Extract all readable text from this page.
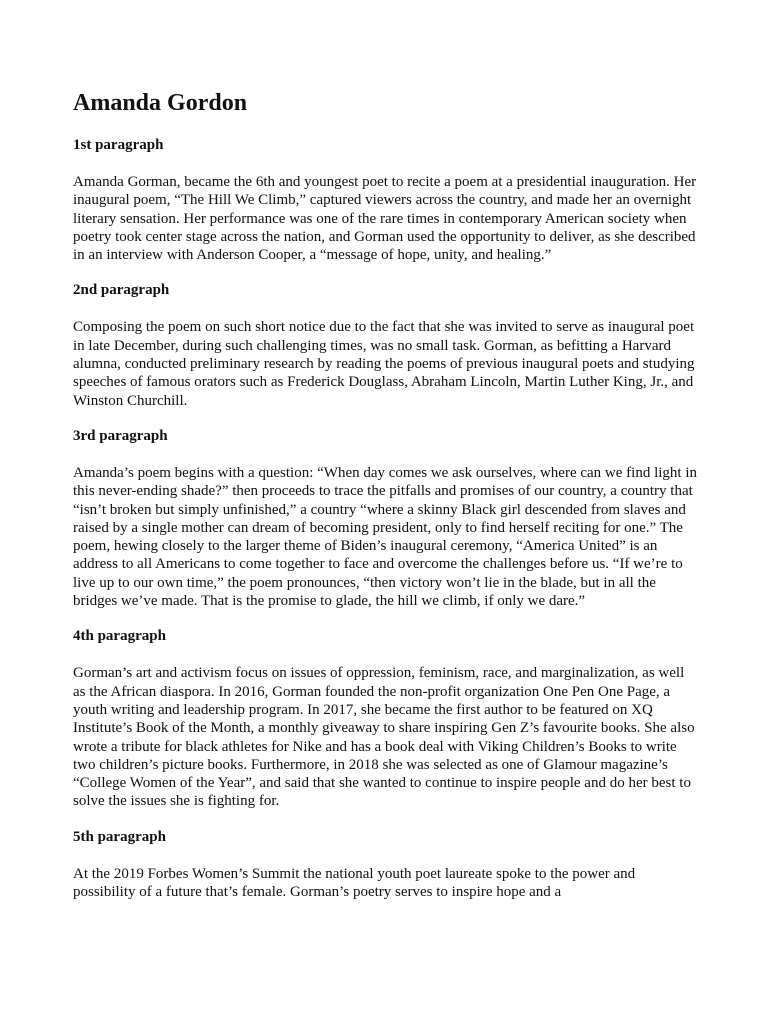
Amanda Gordon
1st paragraph
Amanda Gorman, became the 6th and youngest poet to recite a poem at a presidential inauguration. Her inaugural poem, “The Hill We Climb,” captured viewers across the country, and made her an overnight literary sensation. Her performance was one of the rare times in contemporary American society when poetry took center stage across the nation, and Gorman used the opportunity to deliver, as she described in an interview with Anderson Cooper, a “message of hope, unity, and healing.”
2nd paragraph
Composing the poem on such short notice due to the fact that she was invited to serve as inaugural poet in late December, during such challenging times, was no small task. Gorman, as befitting a Harvard alumna, conducted preliminary research by reading the poems of previous inaugural poets and studying speeches of famous orators such as Frederick Douglass, Abraham Lincoln, Martin Luther King, Jr., and Winston Churchill.
3rd paragraph
Amanda’s poem begins with a question: “When day comes we ask ourselves, where can we find light in this never-ending shade?” then proceeds to trace the pitfalls and promises of our country, a country that “isn’t broken but simply unfinished,” a country “where a skinny Black girl descended from slaves and raised by a single mother can dream of becoming president, only to find herself reciting for one.” The poem, hewing closely to the larger theme of Biden’s inaugural ceremony, “America United” is an address to all Americans to come together to face and overcome the challenges before us. “If we’re to live up to our own time,” the poem pronounces, “then victory won’t lie in the blade, but in all the bridges we’ve made. That is the promise to glade, the hill we climb, if only we dare.”
4th paragraph
Gorman’s art and activism focus on issues of oppression, feminism, race, and marginalization, as well as the African diaspora. In 2016, Gorman founded the non-profit organization One Pen One Page, a youth writing and leadership program. In 2017, she became the first author to be featured on XQ Institute’s Book of the Month, a monthly giveaway to share inspiring Gen Z’s favourite books. She also wrote a tribute for black athletes for Nike and has a book deal with Viking Children’s Books to write two children’s picture books. Furthermore, in 2018 she was selected as one of Glamour magazine’s “College Women of the Year”, and said that she wanted to continue to inspire people and do her best to solve the issues she is fighting for.
5th paragraph
At the 2019 Forbes Women’s Summit the national youth poet laureate spoke to the power and possibility of a future that’s female. Gorman’s poetry serves to inspire hope and a
